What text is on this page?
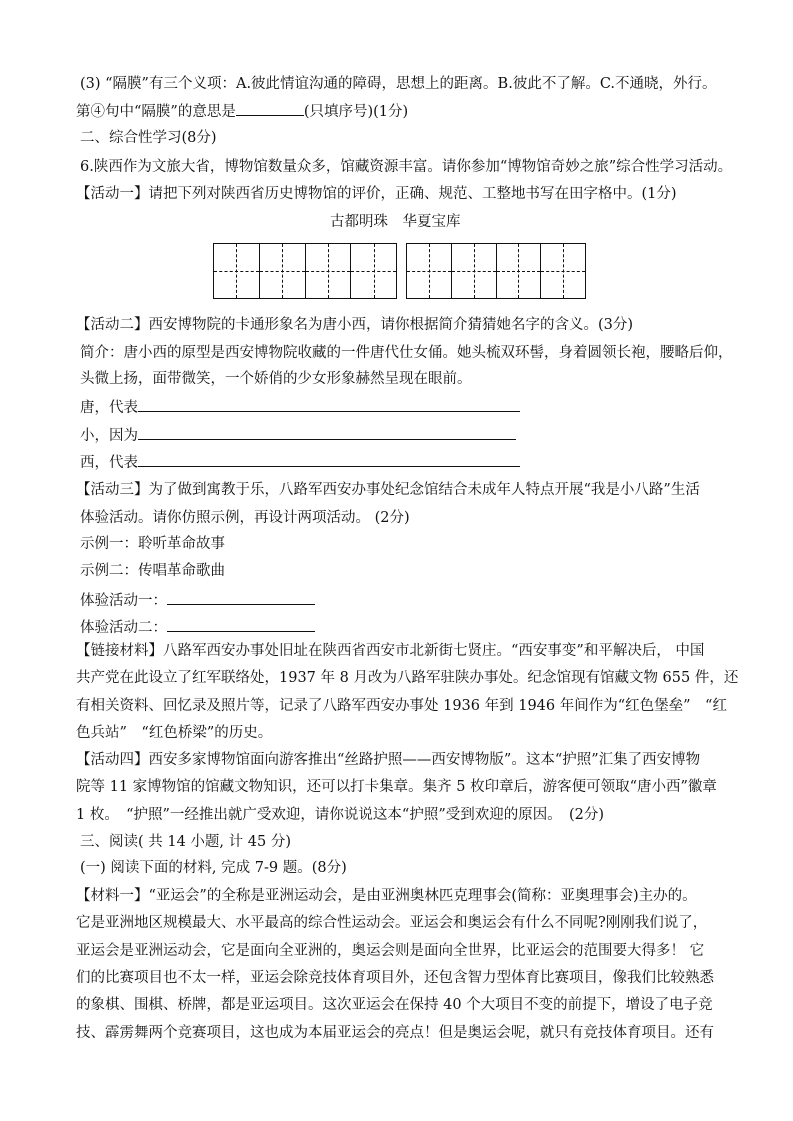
(3) “隔膜”有三个义项：A.彼此情谊沟通的障碍，思想上的距离。B.彼此不了解。C.不通晓，外行。
第④句中“隔膜”的意思是	(只填序号)(1分)
二、综合性学习(8分)
6.陕西作为文旅大省，博物馆数量众多，馆藏资源丰富。请你参加“博物馆奇妙之旅”综合性学习活动。
【活动一】请把下列对陕西省历史博物馆的评价，正确、规范、工整地书写在田字格中。(1分)
古都明珠　华夏宝库
【活动二】西安博物院的卡通形象名为唐小西，请你根据简介猜猜她名字的含义。(3分)
简介：唐小西的原型是西安博物院收藏的一件唐代仕女俑。她头梳双环髻，身着圆领长袍，腰略后仰，
头微上扬，面带微笑，一个娇俏的少女形象赫然呈现在眼前。
唐，代表
小，因为
西，代表
【活动三】为了做到寓教于乐，八路军西安办事处纪念馆结合未成年人特点开展“我是小八路”生活
体验活动。请你仿照示例，再设计两项活动。 (2分)
示例一：聆听革命故事
示例二：传唱革命歌曲
体验活动一：
体验活动二：
【链接材料】八路军西安办事处旧址在陕西省西安市北新街七贤庄。“西安事变”和平解决后， 中国
共产党在此设立了红军联络处，1937 年 8 月改为八路军驻陕办事处。纪念馆现有馆藏文物 655 件，还
有相关资料、回忆录及照片等，记录了八路军西安办事处 1936 年到 1946 年间作为“红色堡垒”　“红
色兵站”　“红色桥梁”的历史。
【活动四】西安多家博物馆面向游客推出“丝路护照——西安博物版”。这本“护照”汇集了西安博物
院等 11 家博物馆的馆藏文物知识，还可以打卡集章。集齐 5 枚印章后，游客便可领取“唐小西”徽章
1 枚。　“护照”一经推出就广受欢迎，请你说说这本“护照”受到欢迎的原因。　(2分)
三、阅读( 共 14 小题, 计 45 分)
(一) 阅读下面的材料, 完成 7-9 题。(8分)
【材料一】“亚运会”的全称是亚洲运动会，是由亚洲奥林匹克理事会(简称：亚奥理事会)主办的。
它是亚洲地区规模最大、水平最高的综合性运动会。亚运会和奥运会有什么不同呢?刚刚我们说了，
亚运会是亚洲运动会，它是面向全亚洲的，奥运会则是面向全世界，比亚运会的范围要大得多！ 它
们的比赛项目也不太一样，亚运会除竞技体育项目外，还包含智力型体育比赛项目，像我们比较熟悉
的象棋、围棋、桥牌，都是亚运项目。这次亚运会在保持 40 个大项目不变的前提下，增设了电子竞
技、霹雳舞两个竞赛项目，这也成为本届亚运会的亮点！但是奥运会呢，就只有竞技体育项目。还有
